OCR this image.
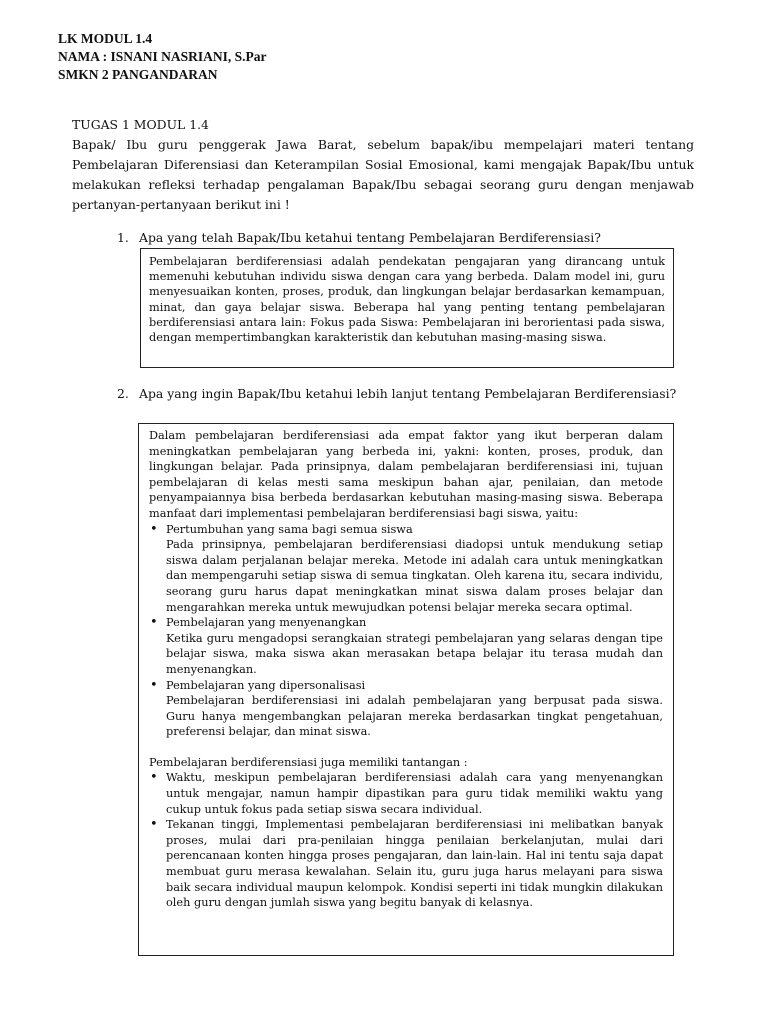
LK MODUL 1.4
NAMA : ISNANI NASRIANI, S.Par
SMKN 2 PANGANDARAN

TUGAS 1 MODUL 1.4

Bapak/ Ibu guru penggerak Jawa Barat, sebelum bapak/ibu mempelajari materi tentang Pembelajaran Diferensiasi dan Keterampilan Sosial Emosional, kami mengajak Bapak/Ibu untuk melakukan refleksi terhadap pengalaman Bapak/Ibu sebagai seorang guru dengan menjawab pertanyan-pertanyaan berikut ini !

1. Apa yang telah Bapak/Ibu ketahui tentang Pembelajaran Berdiferensiasi?
Pembelajaran berdiferensiasi adalah pendekatan pengajaran yang dirancang untuk memenuhi kebutuhan individu siswa dengan cara yang berbeda. Dalam model ini, guru menyesuaikan konten, proses, produk, dan lingkungan belajar berdasarkan kemampuan, minat, dan gaya belajar siswa. Beberapa hal yang penting tentang pembelajaran berdiferensiasi antara lain: Fokus pada Siswa: Pembelajaran ini berorientasi pada siswa, dengan mempertimbangkan karakteristik dan kebutuhan masing-masing siswa.
2. Apa yang ingin Bapak/Ibu ketahui lebih lanjut tentang Pembelajaran Berdiferensiasi?

Dalam pembelajaran berdiferensiasi ada empat faktor yang ikut berperan dalam meningkatkan pembelajaran yang berbeda ini, yakni: konten, proses, produk, dan lingkungan belajar. Pada prinsipnya, dalam pembelajaran berdiferensiasi ini, tujuan pembelajaran di kelas mesti sama meskipun bahan ajar, penilaian, dan metode penyampaiannya bisa berbeda berdasarkan kebutuhan masing-masing siswa. Beberapa manfaat dari implementasi pembelajaran berdiferensiasi bagi siswa, yaitu:

• Pertumbuhan yang sama bagi semua siswa
Pada prinsipnya, pembelajaran berdiferensiasi diadopsi untuk mendukung setiap siswa dalam perjalanan belajar mereka. Metode ini adalah cara untuk meningkatkan dan mempengaruhi setiap siswa di semua tingkatan. Oleh karena itu, secara individu, seorang guru harus dapat meningkatkan minat siswa dalam proses belajar dan mengarahkan mereka untuk mewujudkan potensi belajar mereka secara optimal.
• Pembelajaran yang menyenangkan
Ketika guru mengadopsi serangkaian strategi pembelajaran yang selaras dengan tipe belajar siswa, maka siswa akan merasakan betapa belajar itu terasa mudah dan menyenangkan.
• Pembelajaran yang dipersonalisasi
Pembelajaran berdiferensiasi ini adalah pembelajaran yang berpusat pada siswa. Guru hanya mengembangkan pelajaran mereka berdasarkan tingkat pengetahuan, preferensi belajar, dan minat siswa.

Pembelajaran berdiferensiasi juga memiliki tantangan :

• Waktu, meskipun pembelajaran berdiferensiasi adalah cara yang menyenangkan untuk mengajar, namun hampir dipastikan para guru tidak memiliki waktu yang cukup untuk fokus pada setiap siswa secara individual.
• Tekanan tinggi, Implementasi pembelajaran berdiferensiasi ini melibatkan banyak proses, mulai dari pra-penilaian hingga penilaian berkelanjutan, mulai dari perencanaan konten hingga proses pengajaran, dan lain-lain. Hal ini tentu saja dapat membuat guru merasa kewalahan. Selain itu, guru juga harus melayani para siswa baik secara individual maupun kelompok. Kondisi seperti ini tidak mungkin dilakukan oleh guru dengan jumlah siswa yang begitu banyak di kelasnya.
